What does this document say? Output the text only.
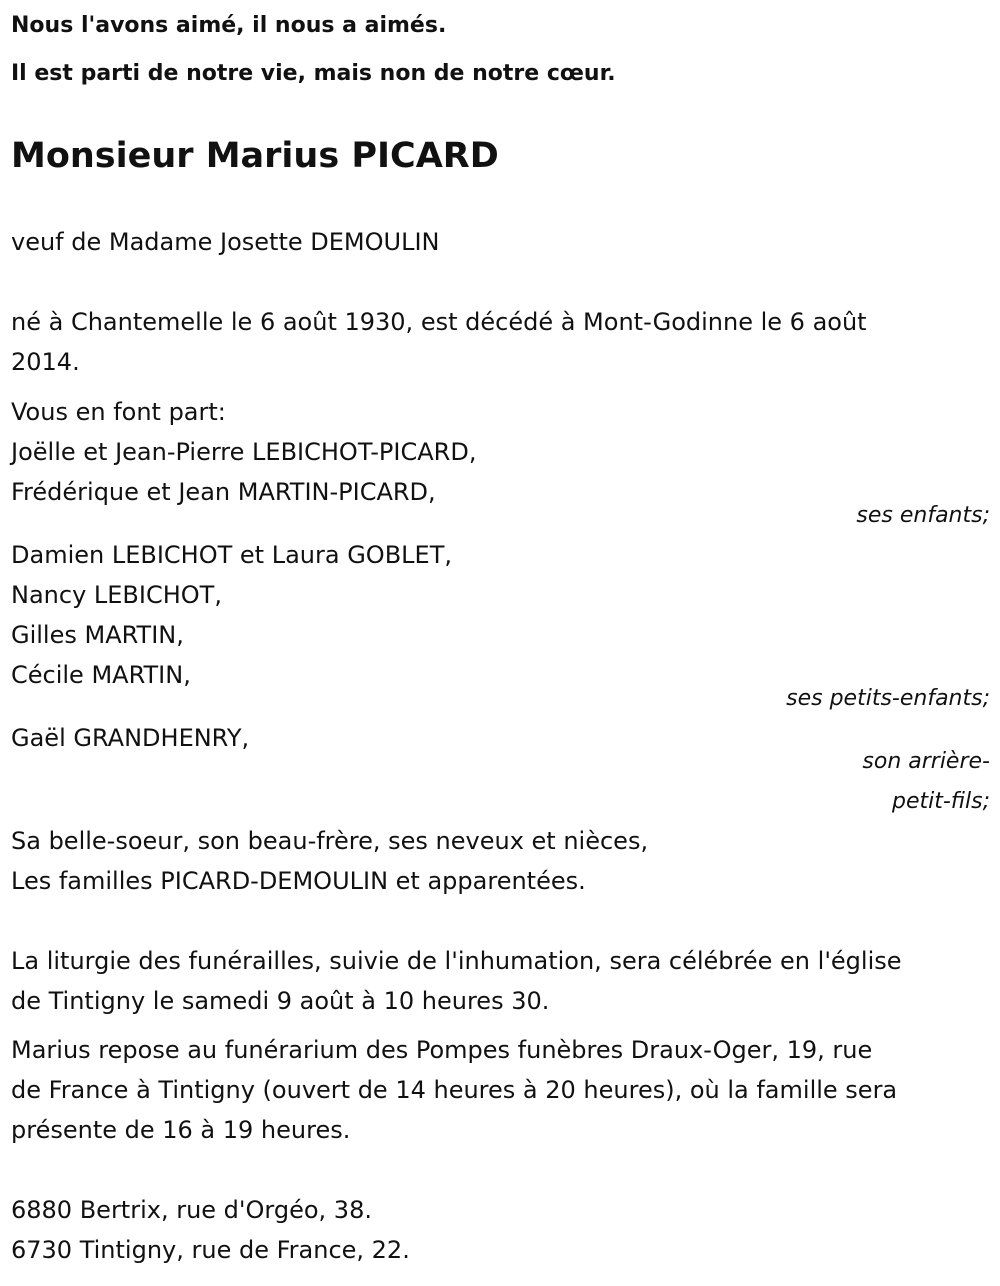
Nous l'avons aimé, il nous a aimés.

Il est parti de notre vie, mais non de notre cœur.

Monsieur Marius PICARD

veuf de Madame Josette DEMOULIN

né à Chantemelle le 6 août 1930, est décédé à Mont-Godinne le 6 août

2014.

Vous en font part:

Joëlle et Jean-Pierre LEBICHOT-PICARD,

Frédérique et Jean MARTIN-PICARD,

ses enfants;

Damien LEBICHOT et Laura GOBLET,

Nancy LEBICHOT,

Gilles MARTIN,

Cécile MARTIN,

ses petits-enfants;

Gaël GRANDHENRY,

son arrière-

petit-fils;

Sa belle-soeur, son beau-frère, ses neveux et nièces,

Les familles PICARD-DEMOULIN et apparentées.

La liturgie des funérailles, suivie de l'inhumation, sera célébrée en l'église

de Tintigny le samedi 9 août à 10 heures 30.

Marius repose au funérarium des Pompes funèbres Draux-Oger, 19, rue

de France à Tintigny (ouvert de 14 heures à 20 heures), où la famille sera

présente de 16 à 19 heures.

6880 Bertrix, rue d'Orgéo, 38.

6730 Tintigny, rue de France, 22.
